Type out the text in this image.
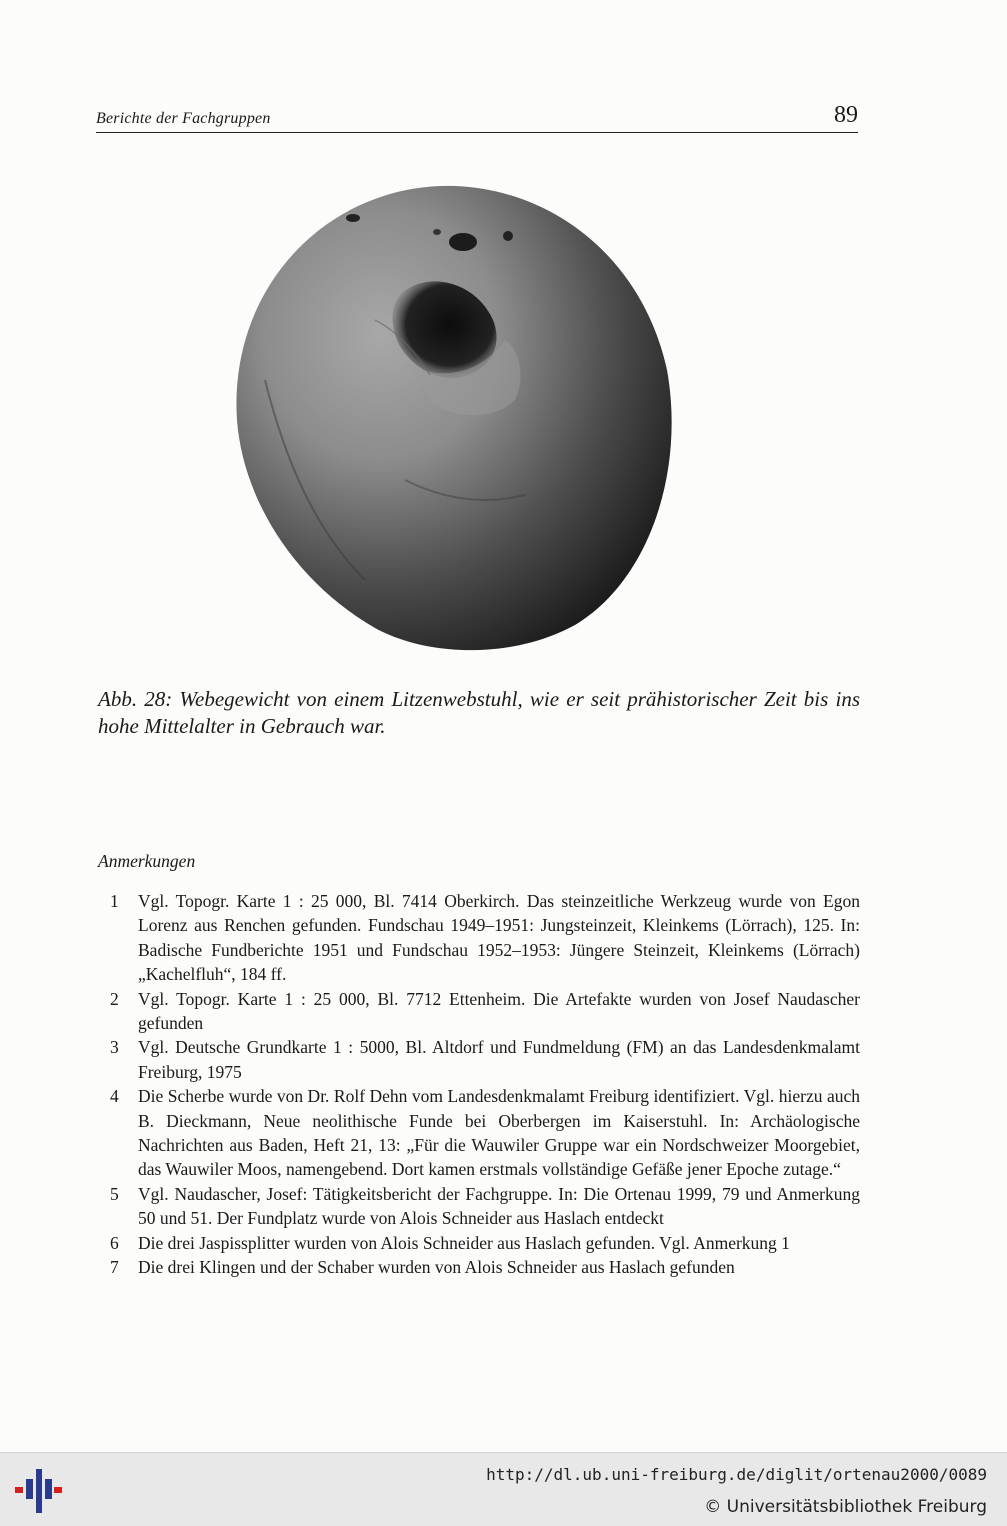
Berichte der Fachgruppen	89
Abb. 28: Webegewicht von einem Litzenwebstuhl, wie er seit prähistorischer Zeit bis ins hohe Mittelalter in Gebrauch war.
Anmerkungen
1 Vgl. Topogr. Karte 1 : 25 000, Bl. 7414 Oberkirch. Das steinzeitliche Werkzeug wurde von Egon Lorenz aus Renchen gefunden. Fundschau 1949–1951: Jungsteinzeit, Kleinkems (Lörrach), 125. In: Badische Fundberichte 1951 und Fundschau 1952–1953: Jüngere Steinzeit, Kleinkems (Lörrach) „Kachelfluh“, 184 ff.
2 Vgl. Topogr. Karte 1 : 25 000, Bl. 7712 Ettenheim. Die Artefakte wurden von Josef Naudascher gefunden
3 Vgl. Deutsche Grundkarte 1 : 5000, Bl. Altdorf und Fundmeldung (FM) an das Landesdenkmalamt Freiburg, 1975
4 Die Scherbe wurde von Dr. Rolf Dehn vom Landesdenkmalamt Freiburg identifiziert. Vgl. hierzu auch B. Dieckmann, Neue neolithische Funde bei Oberbergen im Kaiserstuhl. In: Archäologische Nachrichten aus Baden, Heft 21, 13: „Für die Wauwiler Gruppe war ein Nordschweizer Moorgebiet, das Wauwiler Moos, namengebend. Dort kamen erstmals vollständige Gefäße jener Epoche zutage.“
5 Vgl. Naudascher, Josef: Tätigkeitsbericht der Fachgruppe. In: Die Ortenau 1999, 79 und Anmerkung 50 und 51. Der Fundplatz wurde von Alois Schneider aus Haslach entdeckt
6 Die drei Jaspissplitter wurden von Alois Schneider aus Haslach gefunden. Vgl. Anmerkung 1
7 Die drei Klingen und der Schaber wurden von Alois Schneider aus Haslach gefunden
http://dl.ub.uni-freiburg.de/diglit/ortenau2000/0089
© Universitätsbibliothek Freiburg
